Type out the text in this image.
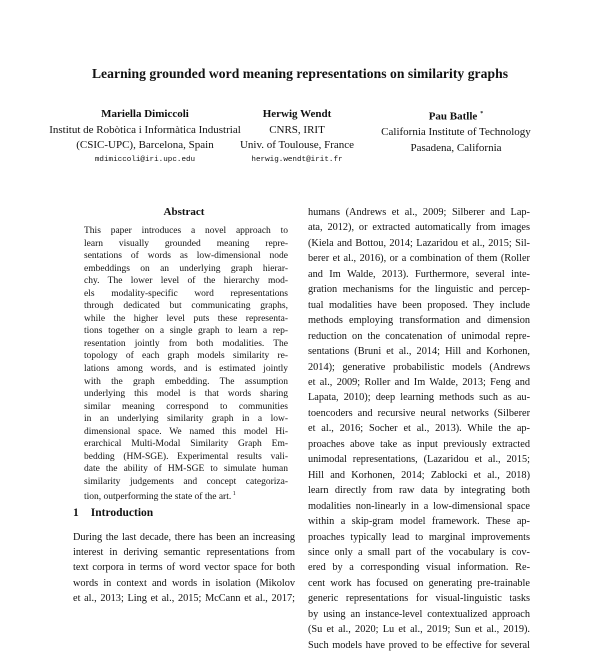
Learning grounded word meaning representations on similarity graphs
Mariella Dimiccoli
Institut de Robòtica i Informàtica Industrial
(CSIC-UPC), Barcelona, Spain
mdimiccoli@iri.upc.edu
Herwig Wendt
CNRS, IRIT
Univ. of Toulouse, France
herwig.wendt@irit.fr
Pau Batlle *
California Institute of Technology
Pasadena, California
Abstract
This paper introduces a novel approach to
learn visually grounded meaning repre-
sentations of words as low-dimensional node
embeddings on an underlying graph hierar-
chy. The lower level of the hierarchy mod-
els modality-specific word representations
through dedicated but communicating graphs,
while the higher level puts these representa-
tions together on a single graph to learn a rep-
resentation jointly from both modalities. The
topology of each graph models similarity re-
lations among words, and is estimated jointly
with the graph embedding. The assumption
underlying this model is that words sharing
similar meaning correspond to communities
in an underlying similarity graph in a low-
dimensional space. We named this model Hi-
erarchical Multi-Modal Similarity Graph Em-
bedding (HM-SGE). Experimental results vali-
date the ability of HM-SGE to simulate human
similarity judgements and concept categoriza-
tion, outperforming the state of the art. $^1$
1 Introduction
During the last decade, there has been an increasing
interest in deriving semantic representations from
text corpora in terms of word vector space for both
words in context and words in isolation (Mikolov
et al., 2013; Ling et al., 2015; McCann et al., 2017;
humans (Andrews et al., 2009; Silberer and Lap-
ata, 2012), or extracted automatically from images
(Kiela and Bottou, 2014; Lazaridou et al., 2015; Sil-
berer et al., 2016), or a combination of them (Roller
and Im Walde, 2013). Furthermore, several inte-
gration mechanisms for the linguistic and percep-
tual modalities have been proposed. They include
methods employing transformation and dimension
reduction on the concatenation of unimodal repre-
sentations (Bruni et al., 2014; Hill and Korhonen,
2014); generative probabilistic models (Andrews
et al., 2009; Roller and Im Walde, 2013; Feng and
Lapata, 2010); deep learning methods such as au-
toencoders and recursive neural networks (Silberer
et al., 2016; Socher et al., 2013). While the ap-
proaches above take as input previously extracted
unimodal representations, (Lazaridou et al., 2015;
Hill and Korhonen, 2014; Zablocki et al., 2018)
learn directly from raw data by integrating both
modalities non-linearly in a low-dimensional space
within a skip-gram model framework. These ap-
proaches typically lead to marginal improvements
since only a small part of the vocabulary is cov-
ered by a corresponding visual information. Re-
cent work has focused on generating pre-trainable
generic representations for visual-linguistic tasks
by using an instance-level contextualized approach
(Su et al., 2020; Lu et al., 2019; Sun et al., 2019).
Such models have proved to be effective for several
